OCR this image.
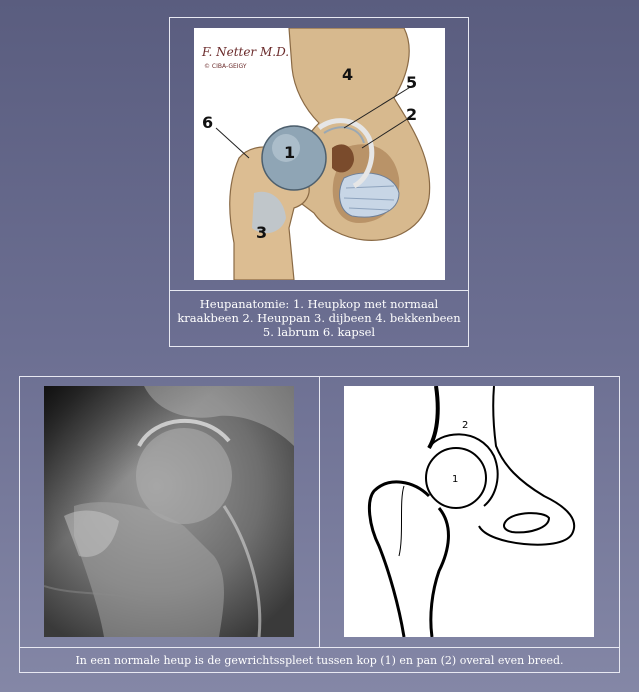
F. Netter M.D.
© CIBA-GEIGY
1
2
3
4	5
6
Heupanatomie: 1. Heupkop met normaal kraakbeen 2. Heuppan 3. dijbeen 4. bekkenbeen 5. labrum 6. kapsel
1
2
In een normale heup is de gewrichtsspleet tussen kop (1) en pan (2) overal even breed.
